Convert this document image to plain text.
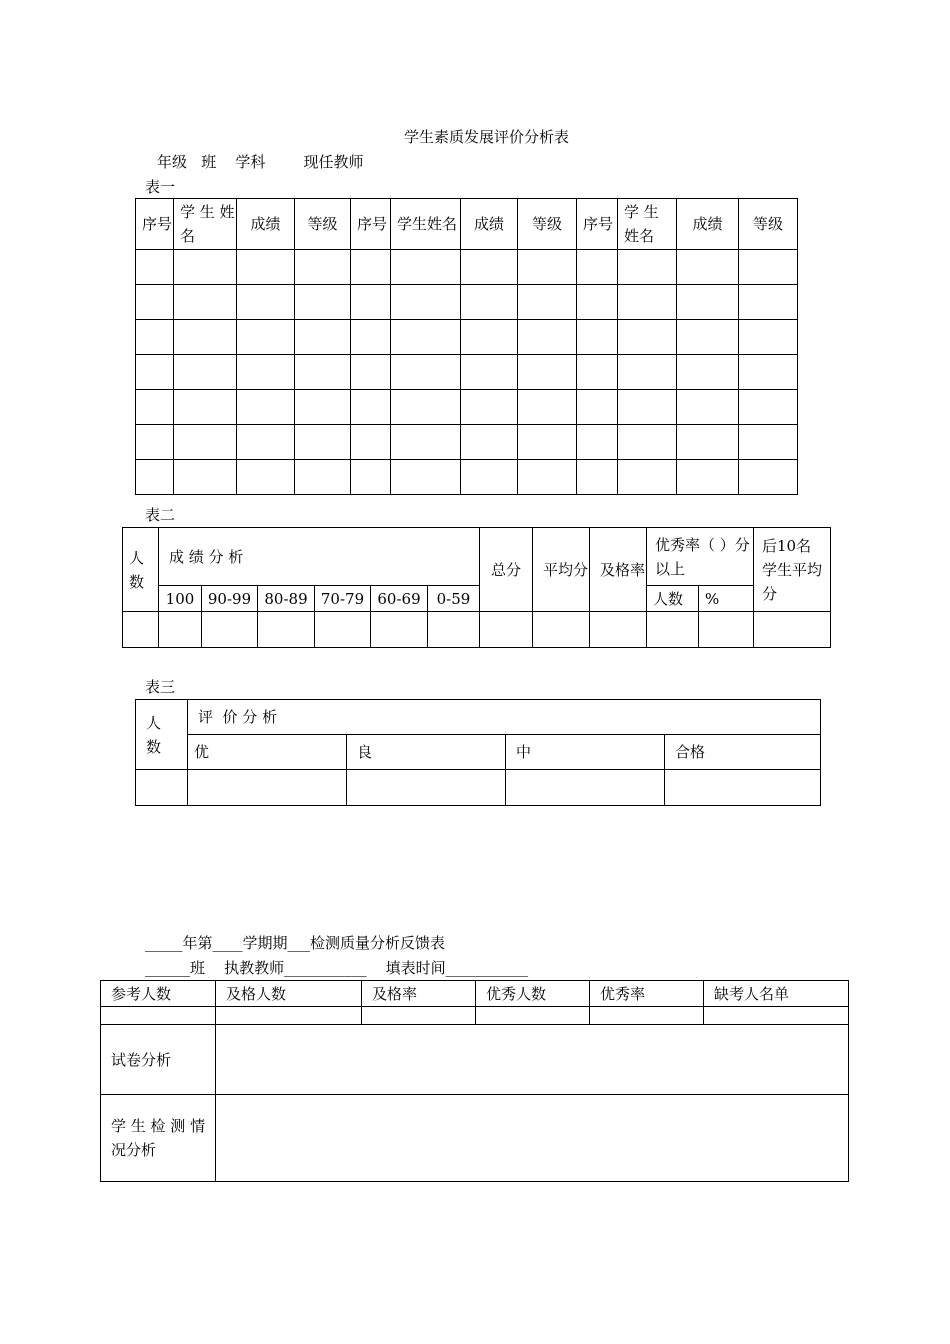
学生素质发展评价分析表
年级   班    学科        现任教师
表一
序号	学 生 姓名	成绩	等级	序号	学生姓名	成绩	等级	序号	学 生 姓名	成绩	等级

表二
人数	成 绩 分 析						总分	平均分	及格率	优秀率（ ）分以上		后10名学生平均分
	100	90-99	80-89	70-79	60-69	0-59				人数	%	

表三
人数	评  价 分 析			
	优	良	中	合格

_____年第____学期期___检测质量分析反馈表
______班    执教教师___________    填表时间___________
参考人数	及格人数	及格率	优秀人数	优秀率	缺考人名单

试卷分析					
学 生 检 测 情 况分析					
